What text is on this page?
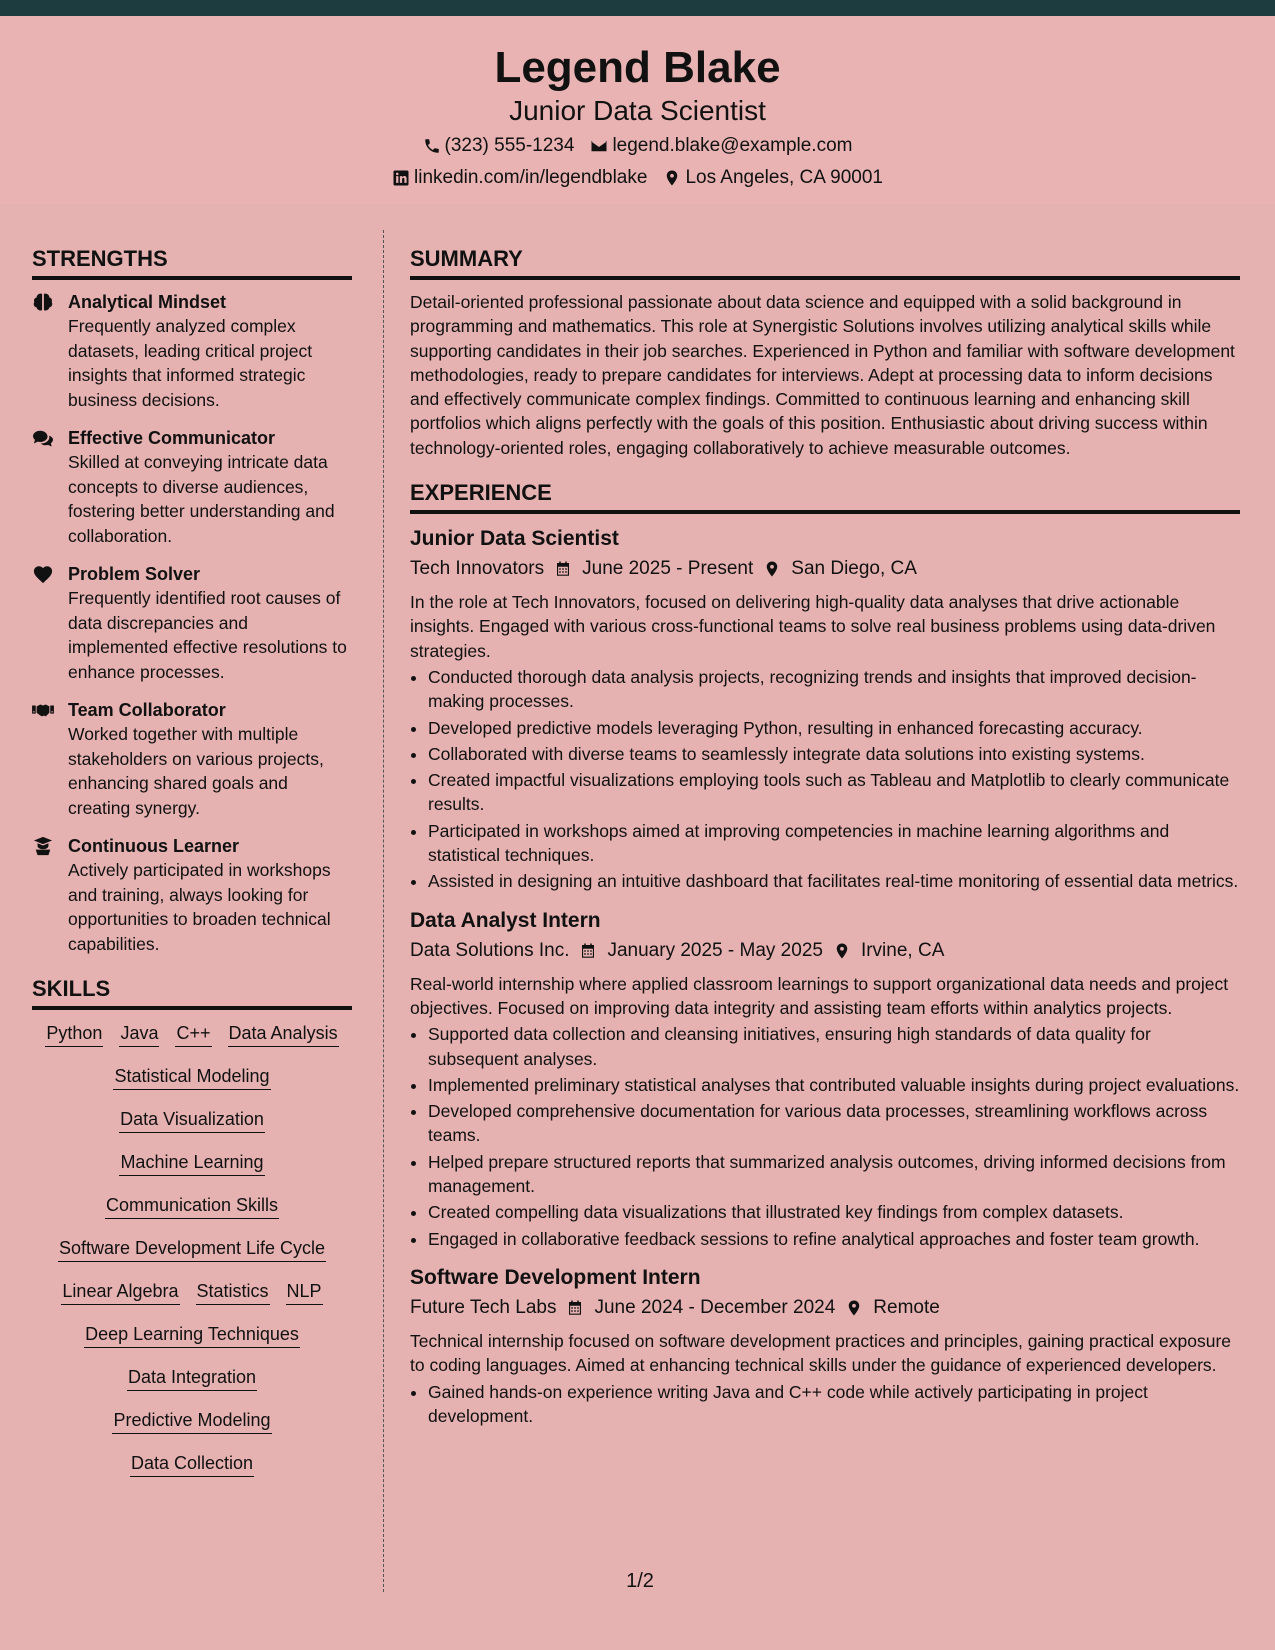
Legend Blake
Junior Data Scientist
(323) 555-1234 legend.blake@example.com
linkedin.com/in/legendblake Los Angeles, CA 90001
STRENGTHS
Analytical Mindset
Frequently analyzed complex datasets, leading critical project insights that informed strategic business decisions.
Effective Communicator
Skilled at conveying intricate data concepts to diverse audiences, fostering better understanding and collaboration.
Problem Solver
Frequently identified root causes of data discrepancies and implemented effective resolutions to enhance processes.
Team Collaborator
Worked together with multiple stakeholders on various projects, enhancing shared goals and creating synergy.
Continuous Learner
Actively participated in workshops and training, always looking for opportunities to broaden technical capabilities.
SKILLS
Python Java C++ Data Analysis
Statistical Modeling
Data Visualization
Machine Learning
Communication Skills
Software Development Life Cycle
Linear Algebra Statistics NLP
Deep Learning Techniques
Data Integration
Predictive Modeling
Data Collection
SUMMARY
Detail-oriented professional passionate about data science and equipped with a solid background in programming and mathematics. This role at Synergistic Solutions involves utilizing analytical skills while supporting candidates in their job searches. Experienced in Python and familiar with software development methodologies, ready to prepare candidates for interviews. Adept at processing data to inform decisions and effectively communicate complex findings. Committed to continuous learning and enhancing skill portfolios which aligns perfectly with the goals of this position. Enthusiastic about driving success within technology-oriented roles, engaging collaboratively to achieve measurable outcomes.
EXPERIENCE
Junior Data Scientist
Tech Innovators June 2025 - Present San Diego, CA
In the role at Tech Innovators, focused on delivering high-quality data analyses that drive actionable insights. Engaged with various cross-functional teams to solve real business problems using data-driven strategies.
• Conducted thorough data analysis projects, recognizing trends and insights that improved decision-making processes.
• Developed predictive models leveraging Python, resulting in enhanced forecasting accuracy.
• Collaborated with diverse teams to seamlessly integrate data solutions into existing systems.
• Created impactful visualizations employing tools such as Tableau and Matplotlib to clearly communicate results.
• Participated in workshops aimed at improving competencies in machine learning algorithms and statistical techniques.
• Assisted in designing an intuitive dashboard that facilitates real-time monitoring of essential data metrics.
Data Analyst Intern
Data Solutions Inc. January 2025 - May 2025 Irvine, CA
Real-world internship where applied classroom learnings to support organizational data needs and project objectives. Focused on improving data integrity and assisting team efforts within analytics projects.
• Supported data collection and cleansing initiatives, ensuring high standards of data quality for subsequent analyses.
• Implemented preliminary statistical analyses that contributed valuable insights during project evaluations.
• Developed comprehensive documentation for various data processes, streamlining workflows across teams.
• Helped prepare structured reports that summarized analysis outcomes, driving informed decisions from management.
• Created compelling data visualizations that illustrated key findings from complex datasets.
• Engaged in collaborative feedback sessions to refine analytical approaches and foster team growth.
Software Development Intern
Future Tech Labs June 2024 - December 2024 Remote
Technical internship focused on software development practices and principles, gaining practical exposure to coding languages. Aimed at enhancing technical skills under the guidance of experienced developers.
• Gained hands-on experience writing Java and C++ code while actively participating in project development.
1/2
